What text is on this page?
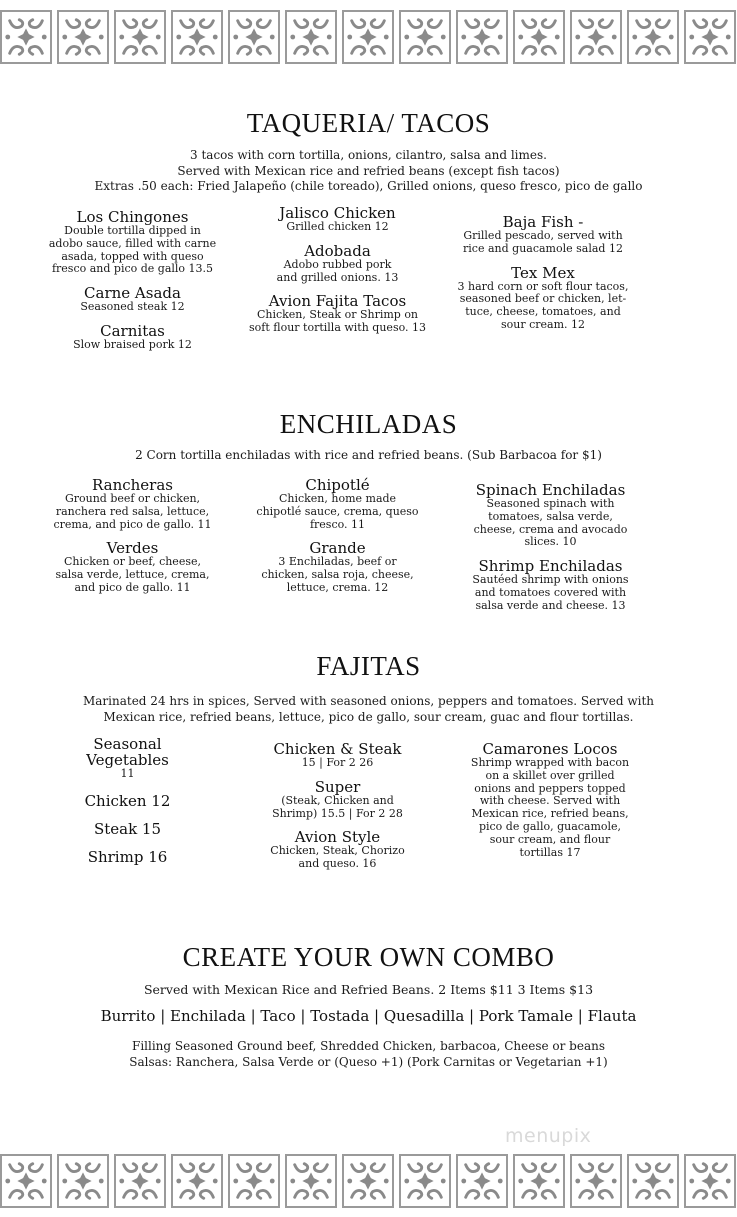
TAQUERIA/ TACOS
3 tacos with corn tortilla, onions, cilantro, salsa and limes.
Served with Mexican rice and refried beans (except fish tacos)
Extras .50 each: Fried Jalapeño (chile toreado), Grilled onions, queso fresco, pico de gallo
Los Chingones
Double tortilla dipped in
adobo sauce, filled with carne
asada, topped with queso
fresco and pico de gallo 13.5
Carne Asada
Seasoned steak 12
Carnitas
Slow braised pork 12
Jalisco Chicken
Grilled chicken 12
Adobada
Adobo rubbed pork
and grilled onions. 13
Avion Fajita Tacos
Chicken, Steak or Shrimp on
soft flour tortilla with queso. 13
Baja Fish -
Grilled pescado, served with
rice and guacamole salad 12
Tex Mex
3 hard corn or soft flour tacos,
seasoned beef or chicken, let-
tuce, cheese, tomatoes, and
sour cream. 12
ENCHILADAS
2 Corn tortilla enchiladas with rice and refried beans. (Sub Barbacoa for $1)
Rancheras
Ground beef or chicken,
ranchera red salsa, lettuce,
crema, and pico de gallo. 11
Verdes
Chicken or beef, cheese,
salsa verde, lettuce, crema,
and pico de gallo. 11
Chipotlé
Chicken, home made
chipotlé sauce, crema, queso
fresco. 11
Grande
3 Enchiladas, beef or
chicken, salsa roja, cheese,
lettuce, crema. 12
Spinach Enchiladas
Seasoned spinach with
tomatoes, salsa verde,
cheese, crema and avocado
slices. 10
Shrimp Enchiladas
Sautéed shrimp with onions
and tomatoes covered with
salsa verde and cheese. 13
FAJITAS
Marinated 24 hrs in spices, Served with seasoned onions, peppers and tomatoes. Served with
Mexican rice, refried beans, lettuce, pico de gallo, sour cream, guac and flour tortillas.
Seasonal
Vegetables
11
Chicken 12
Steak 15
Shrimp 16
Chicken & Steak
15 | For 2 26
Super
(Steak, Chicken and
Shrimp) 15.5 | For 2 28
Avion Style
Chicken, Steak, Chorizo
and queso. 16
Camarones Locos
Shrimp wrapped with bacon
on a skillet over grilled
onions and peppers topped
with cheese. Served with
Mexican rice, refried beans,
pico de gallo, guacamole,
sour cream, and flour
tortillas 17
CREATE YOUR OWN COMBO
Served with Mexican Rice and Refried Beans. 2 Items $11 3 Items $13
Burrito | Enchilada | Taco | Tostada | Quesadilla | Pork Tamale | Flauta
Filling Seasoned Ground beef, Shredded Chicken, barbacoa, Cheese or beans
Salsas: Ranchera, Salsa Verde or (Queso +1) (Pork Carnitas or Vegetarian +1)
menupix
